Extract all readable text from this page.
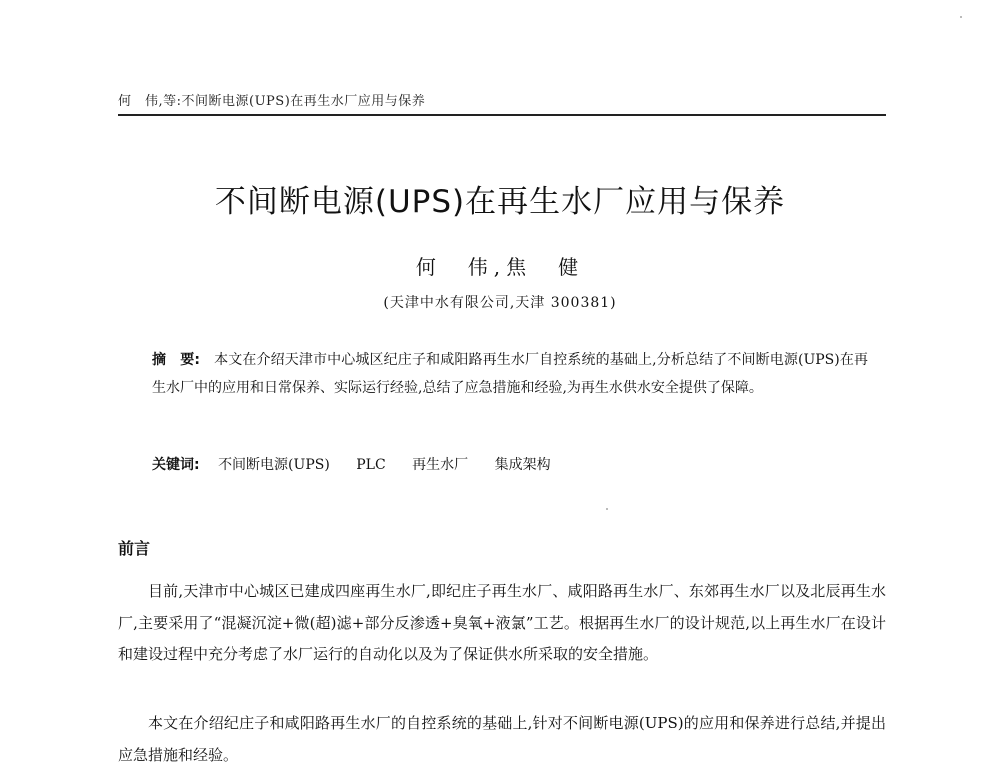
何　伟,等:不间断电源(UPS)在再生水厂应用与保养
不间断电源(UPS)在再生水厂应用与保养
何　伟,焦　健
(天津中水有限公司,天津 300381)

摘　要: 本文在介绍天津市中心城区纪庄子和咸阳路再生水厂自控系统的基础上,分析总结了不间断电源(UPS)在再生水厂中的应用和日常保养、实际运行经验,总结了应急措施和经验,为再生水供水安全提供了保障。

关键词: 不间断电源(UPS) PLC 再生水厂 集成架构
前言

目前,天津市中心城区已建成四座再生水厂,即纪庄子再生水厂、咸阳路再生水厂、东郊再生水厂以及北辰再生水厂,主要采用了“混凝沉淀+微(超)滤+部分反渗透+臭氧+液氯”工艺。根据再生水厂的设计规范,以上再生水厂在设计和建设过程中充分考虑了水厂运行的自动化以及为了保证供水所采取的安全措施。

本文在介绍纪庄子和咸阳路再生水厂的自控系统的基础上,针对不间断电源(UPS)的应用和保养进行总结,并提出应急措施和经验。
